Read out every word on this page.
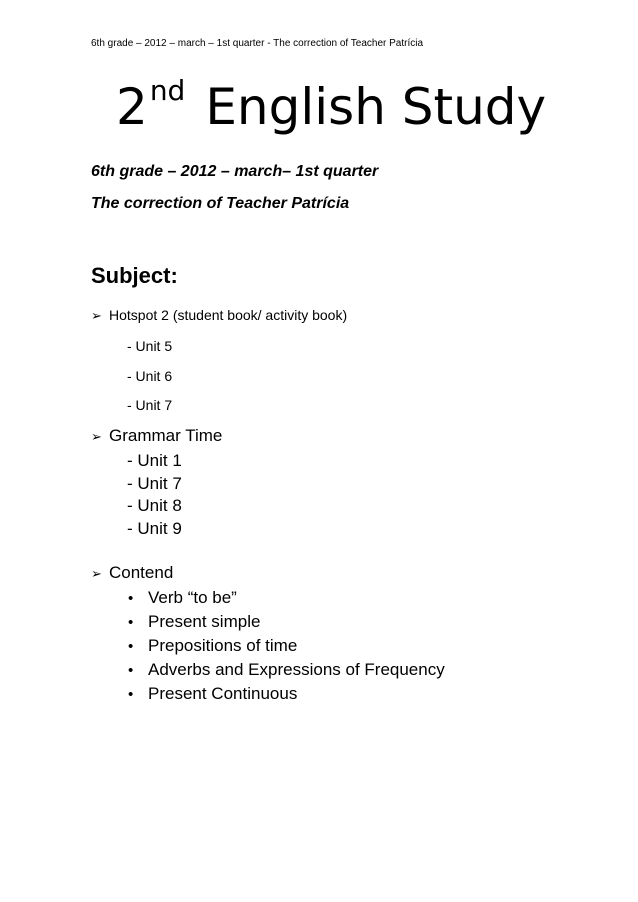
6th grade – 2012 – march – 1st quarter - The correction of Teacher Patrícia
2nd English Study
6th grade – 2012 – march– 1st quarter
The correction of Teacher Patrícia
Subject:
➢ Hotspot 2 (student book/ activity book)
- Unit 5
- Unit 6
- Unit 7
➢ Grammar Time
- Unit 1
- Unit 7
- Unit 8
- Unit 9
➢ Contend
• Verb “to be”
• Present simple
• Prepositions of time
• Adverbs and Expressions of Frequency
• Present Continuous
